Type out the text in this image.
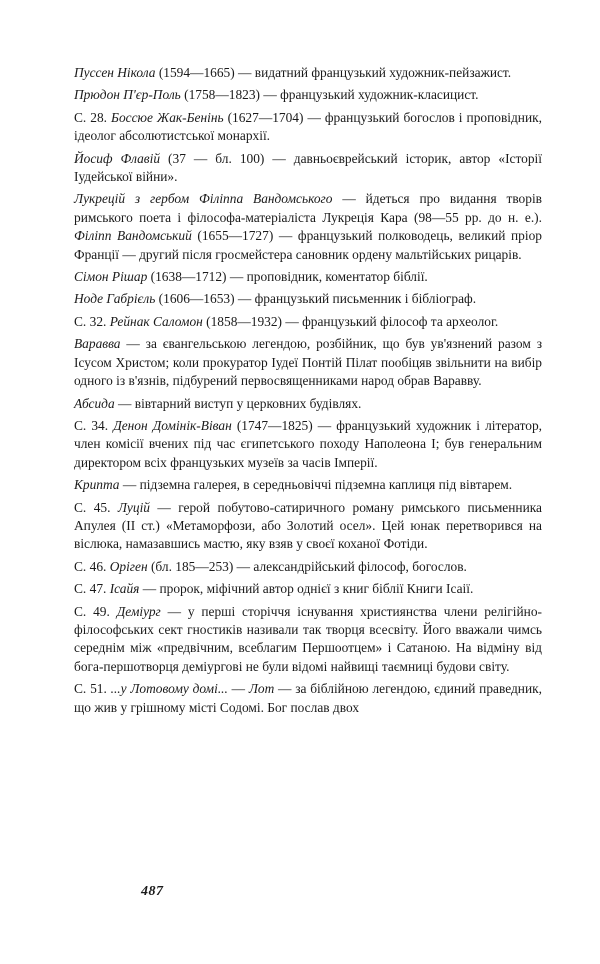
Пуссен Нікола (1594—1665) — видатний французький художник-пейзажист.

Прюдон П'єр-Поль (1758—1823) — французький художник-класицист.

С. 28. Боссюе Жак-Бенінь (1627—1704) — французький богослов і проповідник, ідеолог абсолютистської монархії.

Йосиф Флавій (37 — бл. 100) — давньоєврейський історик, автор «Історії Іудейської війни».

Лукрецій з гербом Філіппа Вандомського — йдеться про видання творів римського поета і філософа-матеріаліста Лукреція Кара (98—55 рр. до н. е.). Філіпп Вандомський (1655—1727) — французький полководець, великий пріор Франції — другий після гросмейстера сановник ордену мальтійських рицарів.

Сімон Рішар (1638—1712) — проповідник, коментатор біблії.

Ноде Габрієль (1606—1653) — французький письменник і бібліограф.

С. 32. Рейнак Саломон (1858—1932) — французький філософ та археолог.

Варавва — за євангельською легендою, розбійник, що був ув'язнений разом з Ісусом Христом; коли прокуратор Іудеї Понтій Пілат пообіцяв звільнити на вибір одного із в'язнів, підбурений первосвященниками народ обрав Варавву.

Абсида — вівтарний виступ у церковних будівлях.

С. 34. Денон Домінік-Віван (1747—1825) — французький художник і літератор, член комісії вчених під час єгипетського походу Наполеона І; був генеральним директором всіх французьких музеїв за часів Імперії.

Крипта — підземна галерея, в середньовіччі підземна каплиця під вівтарем.

С. 45. Луцій — герой побутово-сатиричного роману римського письменника Апулея (II ст.) «Метаморфози, або Золотий осел». Цей юнак перетворився на віслюка, намазавшись мастю, яку взяв у своєї коханої Фотіди.

С. 46. Оріген (бл. 185—253) — александрійський філософ, богослов.

С. 47. Ісайя — пророк, міфічний автор однієї з книг біблії Книги Ісаії.

С. 49. Деміург — у перші сторіччя існування християнства члени релігійно-філософських сект гностиків називали так творця всесвіту. Його вважали чимсь середнім між «предвічним, всеблагим Першоотцем» і Сатаною. На відміну від бога-першотворця деміургові не були відомі найвищі таємниці будови світу.

С. 51. ...у Лотовому домі... — Лот — за біблійною легендою, єдиний праведник, що жив у грішному місті Содомі. Бог послав двох

487
